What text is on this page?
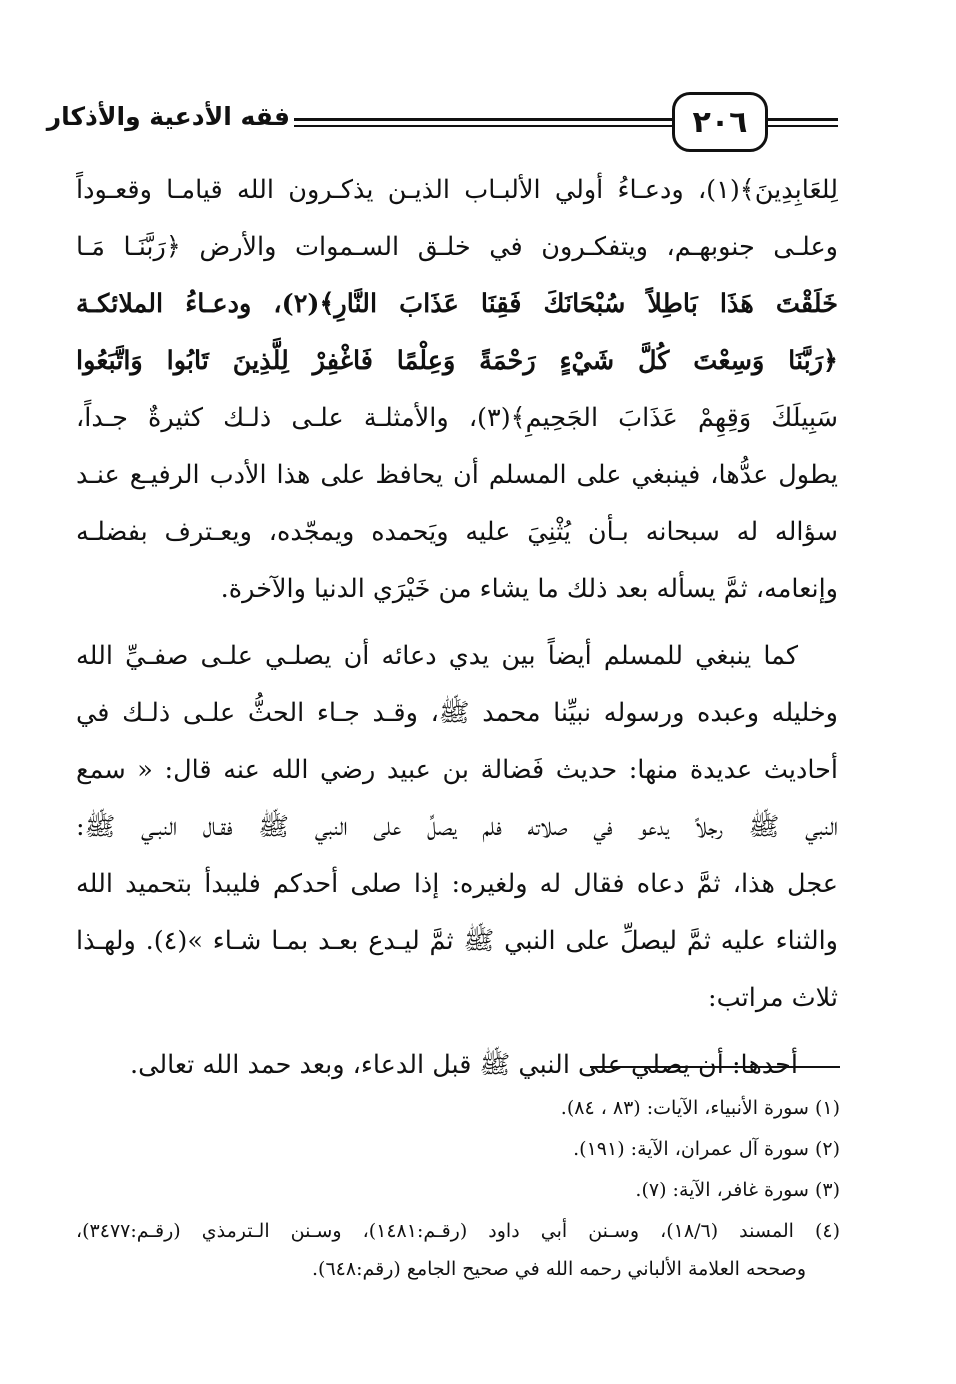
فقه الأدعية والأذكار	٢٠٦
لِلعَابِدِينَ﴾(١)، ودعـاءُ أولي الألبـاب الذيـن يذكـرون الله قيامـا وقعـوداً
وعلـى جنوبهـم، ويتفكـرون في خلـق السـموات والأرض ﴿رَبَّنَـا مَـا
خَلَقْتَ هَذَا بَاطِلاً سُبْحَانَكَ فَقِنَا عَذَابَ النَّارِ﴾(٢)، ودعـاءُ الملائكـة
﴿رَبَّنَا وَسِعْتَ كُلَّ شَيْءٍ رَحْمَةً وَعِلْمًا فَاغْفِرْ لِلَّذِينَ تَابُوا وَاتَّبَعُوا
سَبِيلَكَ وَقِهِمْ عَذَابَ الجَحِيمِ﴾(٣)، والأمثلـة علـى ذلـك كثيرةٌ جـداً،
يطول عدُّها، فينبغي على المسلم أن يحافظ على هذا الأدب الرفيـع عنـد
سؤاله له سبحانه بـأن يُثْنِيَ عليه ويَحمده ويمجّده، ويعـترف بفضلـه
وإنعامه، ثمَّ يسأله بعد ذلك ما يشاء من خَيْرَي الدنيا والآخرة.
كما ينبغي للمسلم أيضاً بين يدي دعائه أن يصلـي علـى صفـيِّ الله
وخليله وعبده ورسوله نبيِّنا محمد ﷺ، وقـد جـاء الحثُّ علـى ذلـك في
أحاديث عديدة منها: حديث فَضالة بن عبيد رضي الله عنه قال: « سمع
النبي ﷺ رجلاً يدعو في صلاته فلم يصلِّ على النبي ﷺ فقـال النبـي ﷺ:
عجل هذا، ثمَّ دعاه فقال له ولغيره: إذا صلى أحدكم فليبدأ بتحميد الله
والثناء عليه ثمَّ ليصلِّ على النبي ﷺ ثمَّ ليـدع بعـد بمـا شـاء »(٤). ولهـذا
ثلاث مراتب:
أحدها: أن يصلي على النبي ﷺ قبل الدعاء، وبعد حمد الله تعالى.
(١) سورة الأنبياء، الآيات: (٨٣ ، ٨٤).
(٢) سورة آل عمران، الآية: (١٩١).
(٣) سورة غافر، الآية: (٧).
(٤) المسند (١٨/٦)، وسـنن أبي داود (رقـم:١٤٨١)، وسـنن الـترمذي (رقـم:٣٤٧٧)،
وصححه العلامة الألباني رحمه الله في صحيح الجامع (رقم:٦٤٨).
